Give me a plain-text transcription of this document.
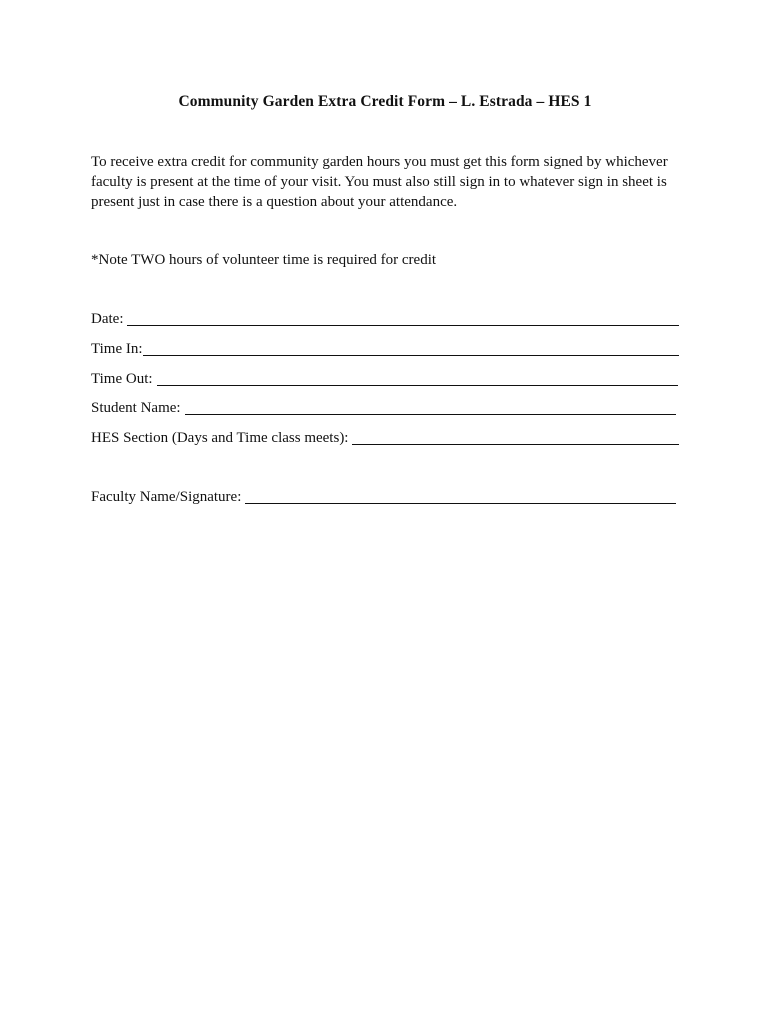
Community Garden Extra Credit Form – L. Estrada – HES 1
To receive extra credit for community garden hours you must get this form signed by whichever faculty is present at the time of your visit. You must also still sign in to whatever sign in sheet is present just in case there is a question about your attendance.
*Note TWO hours of volunteer time is required for credit
Date:
Time In:
Time Out:
Student Name:
HES Section (Days and Time class meets):
Faculty Name/Signature:
